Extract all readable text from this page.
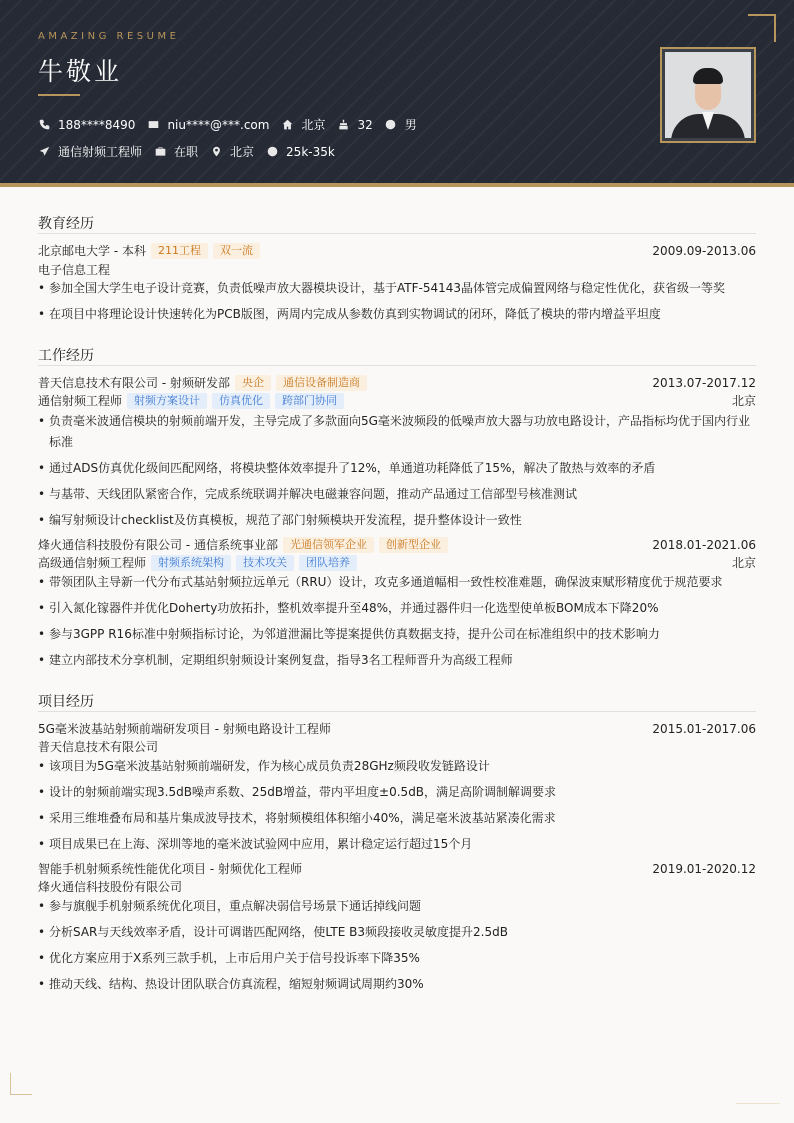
AMAZING RESUME
牛敬业
188****8490	niu****@***.com	北京	32	男
通信射频工程师	在职	北京	25k-35k
教育经历
北京邮电大学 - 本科	211工程	双一流	2009.09-2013.06
电子信息工程
• 参加全国大学生电子设计竞赛，负责低噪声放大器模块设计，基于ATF-54143晶体管完成偏置网络与稳定性优化，获省级一等奖
• 在项目中将理论设计快速转化为PCB版图，两周内完成从参数仿真到实物调试的闭环，降低了模块的带内增益平坦度
工作经历
普天信息技术有限公司 - 射频研发部	央企	通信设备制造商	2013.07-2017.12
通信射频工程师	射频方案设计	仿真优化	跨部门协同	北京
• 负责毫米波通信模块的射频前端开发，主导完成了多款面向5G毫米波频段的低噪声放大器与功放电路设计，产品指标均优于国内行业
标准
• 通过ADS仿真优化级间匹配网络，将模块整体效率提升了12%，单通道功耗降低了15%，解决了散热与效率的矛盾
• 与基带、天线团队紧密合作，完成系统联调并解决电磁兼容问题，推动产品通过工信部型号核准测试
• 编写射频设计checklist及仿真模板，规范了部门射频模块开发流程，提升整体设计一致性
烽火通信科技股份有限公司 - 通信系统事业部	光通信领军企业	创新型企业	2018.01-2021.06
高级通信射频工程师	射频系统架构	技术攻关	团队培养	北京
• 带领团队主导新一代分布式基站射频拉远单元（RRU）设计，攻克多通道幅相一致性校准难题，确保波束赋形精度优于规范要求
• 引入氮化镓器件并优化Doherty功放拓扑，整机效率提升至48%，并通过器件归一化选型使单板BOM成本下降20%
• 参与3GPP R16标准中射频指标讨论，为邻道泄漏比等提案提供仿真数据支持，提升公司在标准组织中的技术影响力
• 建立内部技术分享机制，定期组织射频设计案例复盘，指导3名工程师晋升为高级工程师
项目经历
5G毫米波基站射频前端研发项目 - 射频电路设计工程师	2015.01-2017.06
普天信息技术有限公司
• 该项目为5G毫米波基站射频前端研发，作为核心成员负责28GHz频段收发链路设计
• 设计的射频前端实现3.5dB噪声系数、25dB增益，带内平坦度±0.5dB，满足高阶调制解调要求
• 采用三维堆叠布局和基片集成波导技术，将射频模组体积缩小40%，满足毫米波基站紧凑化需求
• 项目成果已在上海、深圳等地的毫米波试验网中应用，累计稳定运行超过15个月
智能手机射频系统性能优化项目 - 射频优化工程师	2019.01-2020.12
烽火通信科技股份有限公司
• 参与旗舰手机射频系统优化项目，重点解决弱信号场景下通话掉线问题
• 分析SAR与天线效率矛盾，设计可调谐匹配网络，使LTE B3频段接收灵敏度提升2.5dB
• 优化方案应用于X系列三款手机，上市后用户关于信号投诉率下降35%
• 推动天线、结构、热设计团队联合仿真流程，缩短射频调试周期约30%
